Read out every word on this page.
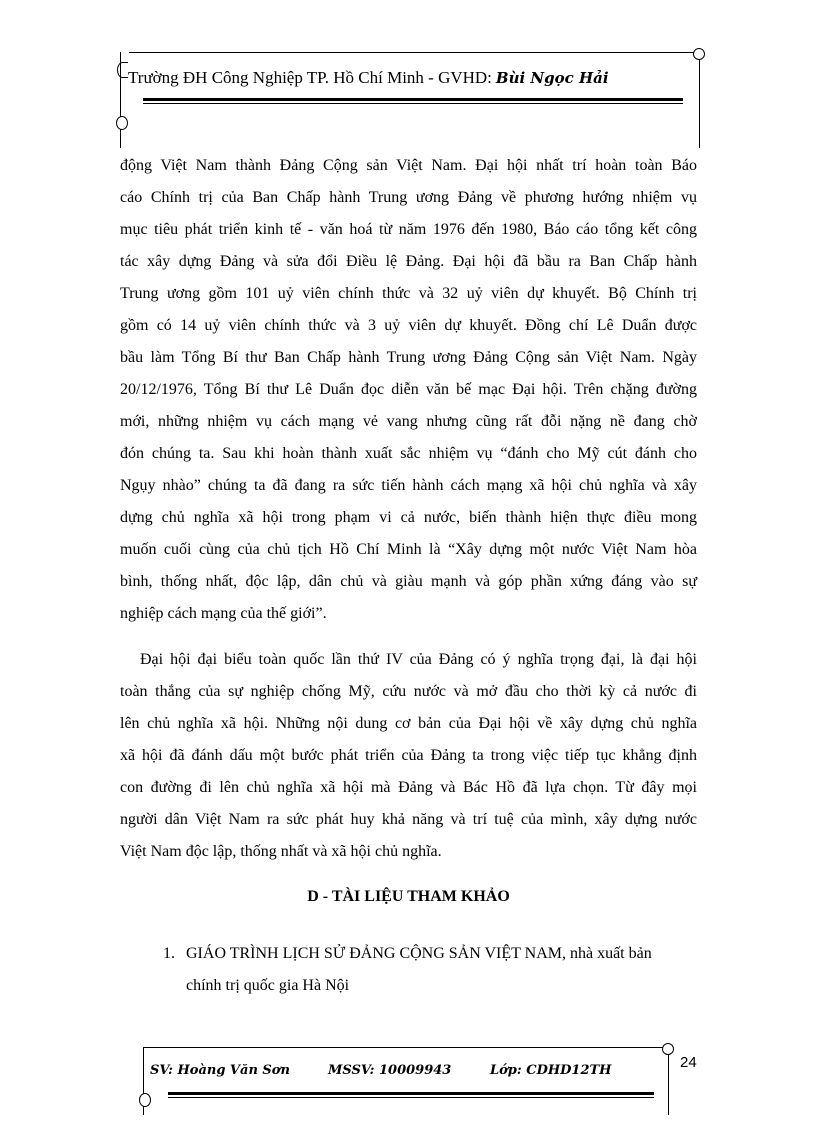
Trường ĐH Công Nghiệp TP. Hồ Chí Minh - GVHD: Bùi Ngọc Hải

động Việt Nam thành Đảng Cộng sản Việt Nam. Đại hội nhất trí hoàn toàn Báo

cáo Chính trị của Ban Chấp hành Trung ương Đảng về phương hướng nhiệm vụ

mục tiêu phát triển kinh tế - văn hoá từ năm 1976 đến 1980, Báo cáo tổng kết công

tác xây dựng Đảng và sửa đổi Điều lệ Đảng. Đại hội đã bầu ra Ban Chấp hành

Trung ương gồm 101 uỷ viên chính thức và 32 uỷ viên dự khuyết. Bộ Chính trị

gồm có 14 uỷ viên chính thức và 3 uỷ viên dự khuyết. Đồng chí Lê Duẩn được

bầu làm Tổng Bí thư Ban Chấp hành Trung ương Đảng Cộng sản Việt Nam. Ngày

20/12/1976, Tổng Bí thư Lê Duẩn đọc diễn văn bế mạc Đại hội. Trên chặng đường

mới, những nhiệm vụ cách mạng vẻ vang nhưng cũng rất đỗi nặng nề đang chờ

đón chúng ta. Sau khi hoàn thành xuất sắc nhiệm vụ “đánh cho Mỹ cút đánh cho

Ngụy nhào” chúng ta đã đang ra sức tiến hành cách mạng xã hội chủ nghĩa và xây

dựng chủ nghĩa xã hội trong phạm vi cả nước, biến thành hiện thực điều mong

muốn cuối cùng của chủ tịch Hồ Chí Minh là “Xây dựng một nước Việt Nam hòa

bình, thống nhất, độc lập, dân chủ và giàu mạnh và góp phần xứng đáng vào sự

nghiệp cách mạng của thế giới”.

Đại hội đại biểu toàn quốc lần thứ IV của Đảng có ý nghĩa trọng đại, là đại hội

toàn thắng của sự nghiệp chống Mỹ, cứu nước và mở đầu cho thời kỳ cả nước đi

lên chủ nghĩa xã hội. Những nội dung cơ bản của Đại hội về xây dựng chủ nghĩa

xã hội đã đánh dấu một bước phát triển của Đảng ta trong việc tiếp tục khẳng định

con đường đi lên chủ nghĩa xã hội mà Đảng và Bác Hồ đã lựa chọn. Từ đây mọi

người dân Việt Nam ra sức phát huy khả năng và trí tuệ của mình, xây dựng nước

Việt Nam độc lập, thống nhất và xã hội chủ nghĩa.

D - TÀI LIỆU THAM KHẢO
1. GIÁO TRÌNH LỊCH SỬ ĐẢNG CỘNG SẢN VIỆT NAM, nhà xuất bản
chính trị quốc gia Hà Nội
SV: Hoàng Văn Sơn	MSSV: 10009943	Lớp: CDHD12TH	24
